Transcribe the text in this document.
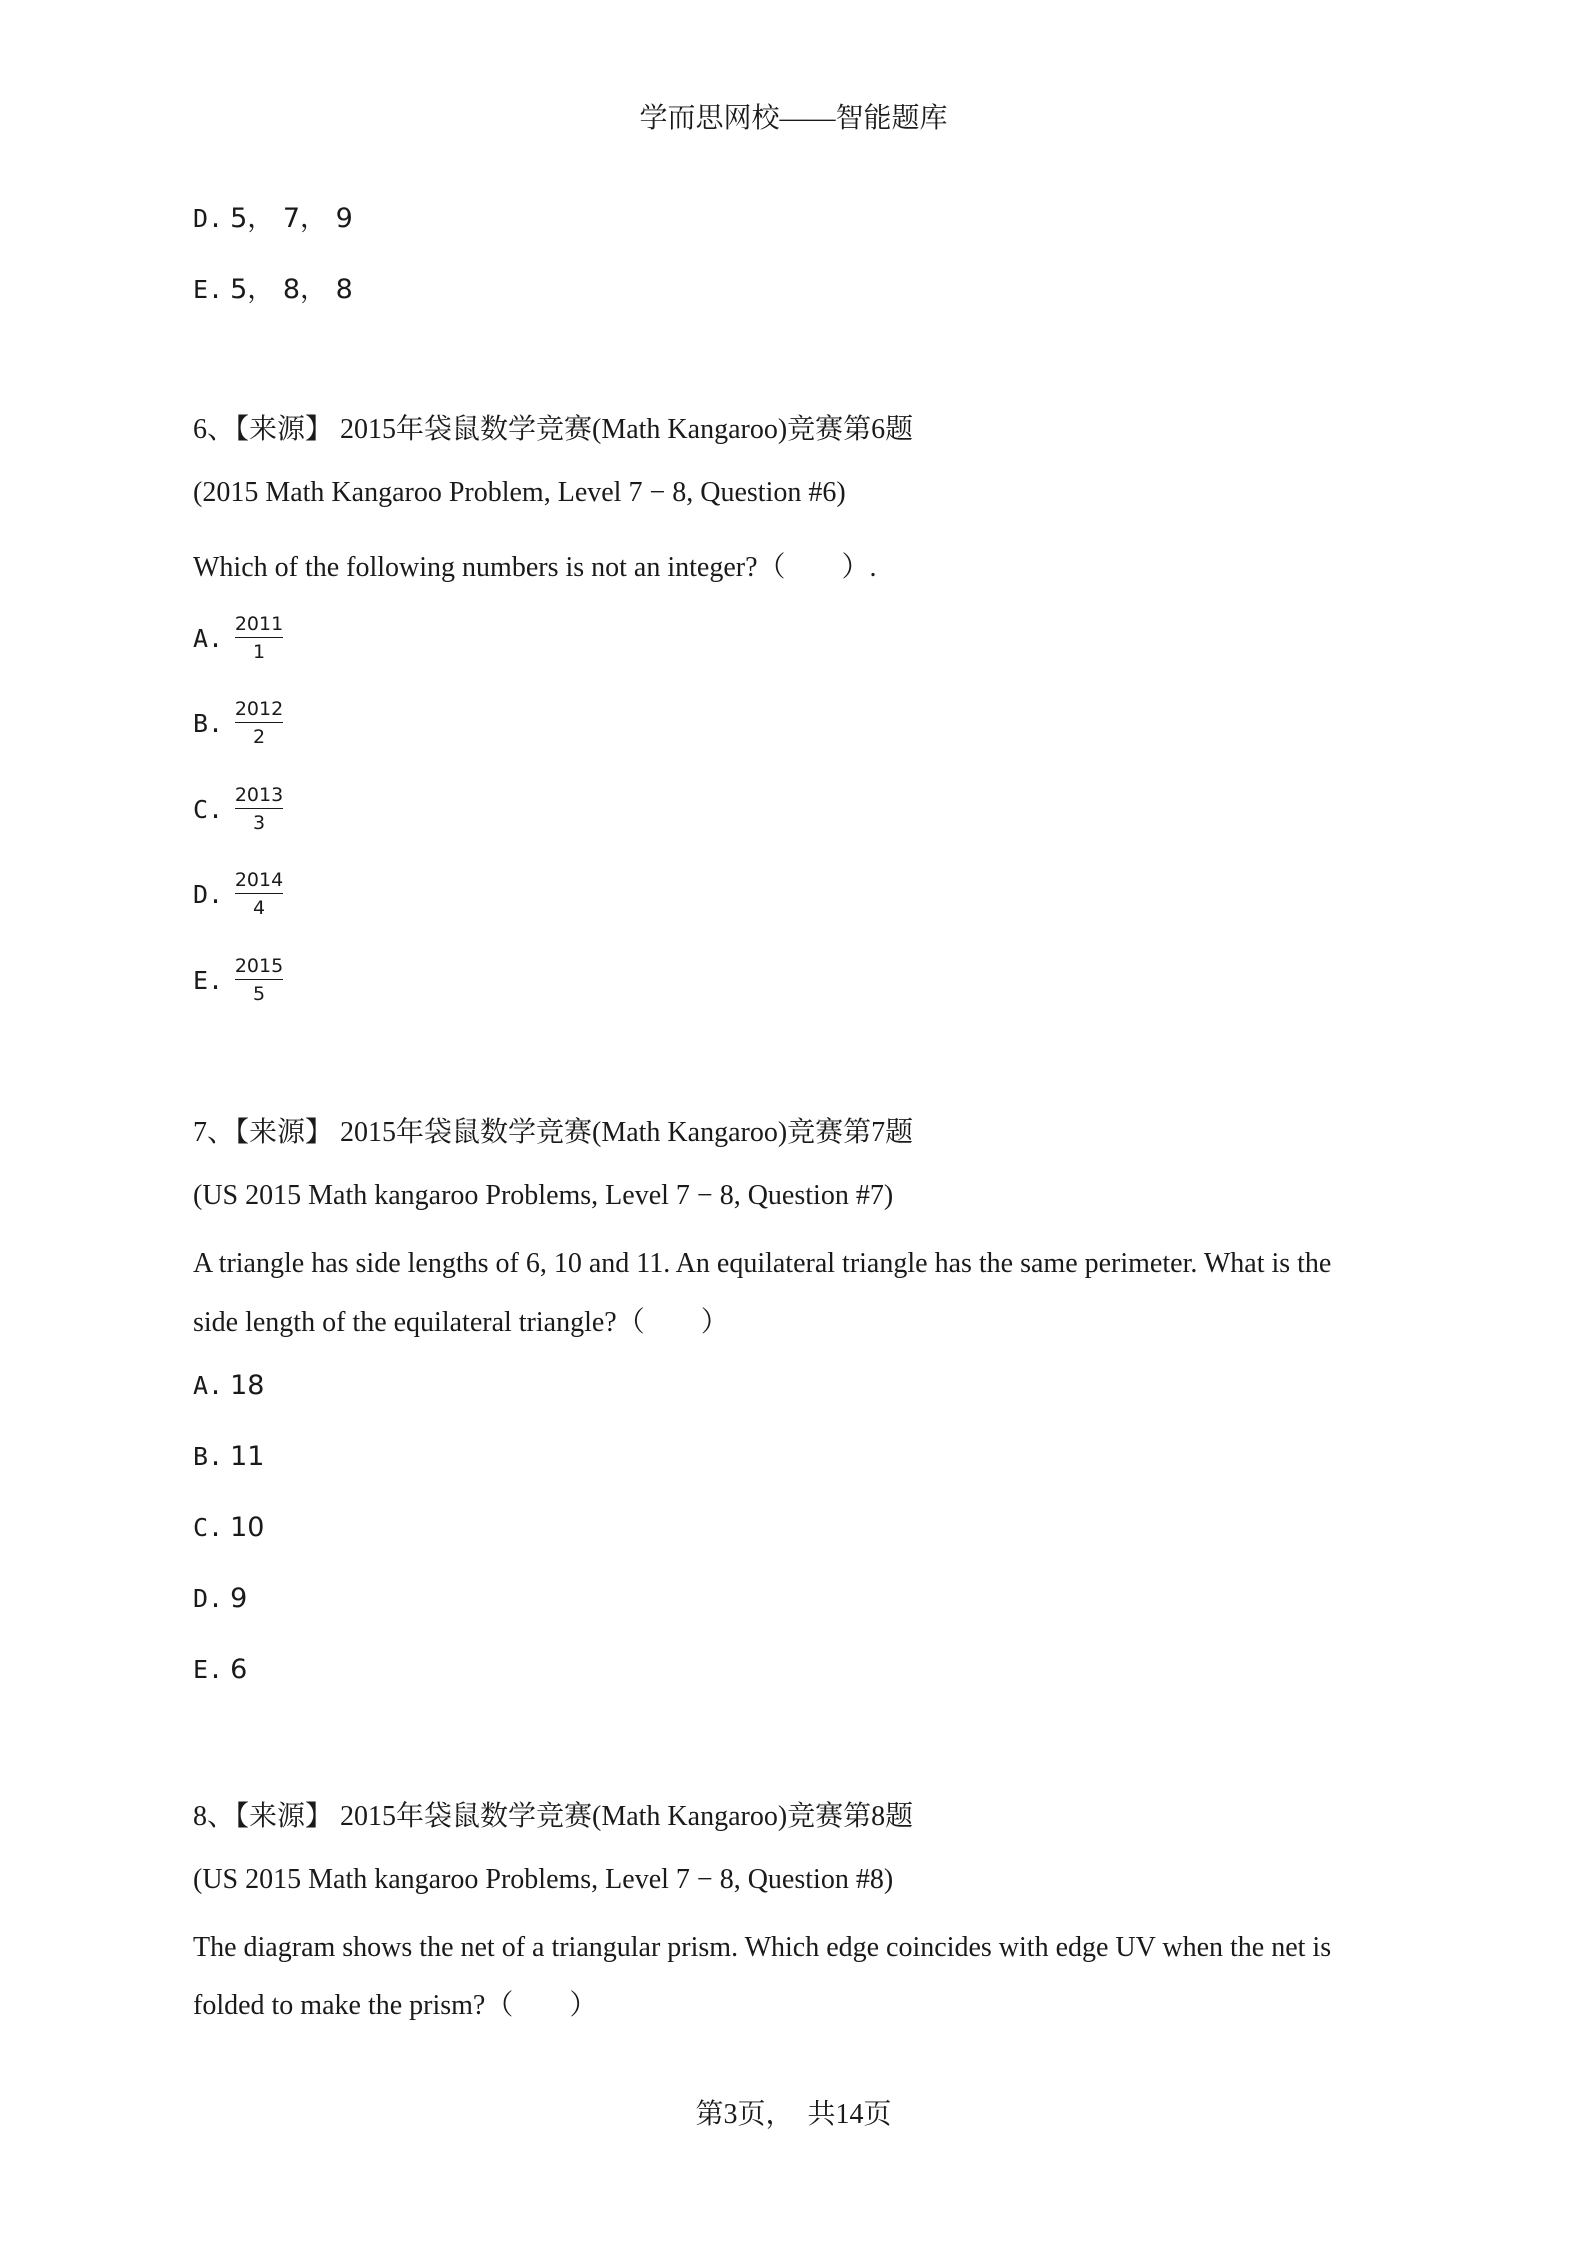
学而思网校——智能题库
D. 5， 7， 9
E. 5， 8， 8
6、【来源】 2015年袋鼠数学竞赛(Math Kangaroo)竞赛第6题
(2015 Math Kangaroo Problem, Level 7 − 8, Question #6)
Which of the following numbers is not an integer?（　　）.
A. 2011
1
B. 2012
2
C. 2013
3
D. 2014
4
E. 2015
5
7、【来源】 2015年袋鼠数学竞赛(Math Kangaroo)竞赛第7题
(US 2015 Math kangaroo Problems, Level 7 − 8, Question #7)
A triangle has side lengths of 6, 10 and 11. An equilateral triangle has the same perimeter. What is the
side length of the equilateral triangle?（　　）
A. 18
B. 11
C. 10
D. 9
E. 6
8、【来源】 2015年袋鼠数学竞赛(Math Kangaroo)竞赛第8题
(US 2015 Math kangaroo Problems, Level 7 − 8, Question #8)
The diagram shows the net of a triangular prism. Which edge coincides with edge UV when the net is
folded to make the prism?（　　）
第3页，　共14页
